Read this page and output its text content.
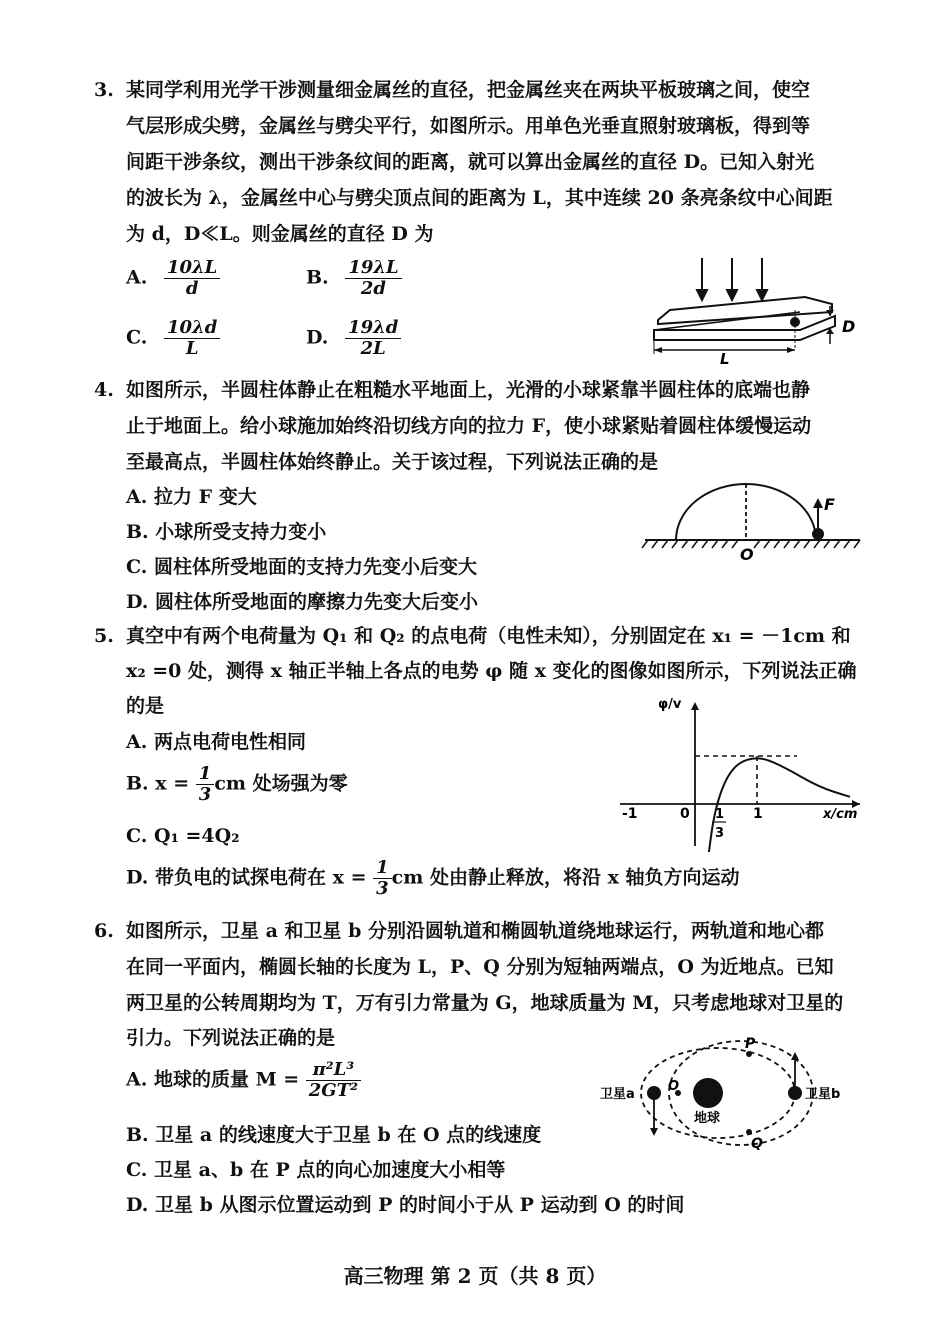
3. 某同学利用光学干涉测量细金属丝的直径，把金属丝夹在两块平板玻璃之间，使空
气层形成尖劈，金属丝与劈尖平行，如图所示。用单色光垂直照射玻璃板，得到等
间距干涉条纹，测出干涉条纹间的距离，就可以算出金属丝的直径 D。已知入射光
的波长为 λ，金属丝中心与劈尖顶点间的距离为 L，其中连续 20 条亮条纹中心间距
为 d，D≪L。则金属丝的直径 D 为
A. $\frac{10\lambda L}{d}$	B. $\frac{19\lambda L}{2d}$
C. $\frac{10\lambda d}{L}$	D. $\frac{19\lambda d}{2L}$	L
D
4. 如图所示，半圆柱体静止在粗糙水平地面上，光滑的小球紧靠半圆柱体的底端也静
止于地面上。给小球施加始终沿切线方向的拉力 F，使小球紧贴着圆柱体缓慢运动
至最高点，半圆柱体始终静止。关于该过程，下列说法正确的是
A. 拉力 F 变大
B. 小球所受支持力变小
C. 圆柱体所受地面的支持力先变小后变大
D. 圆柱体所受地面的摩擦力先变大后变小
F
O
5. 真空中有两个电荷量为 Q₁ 和 Q₂ 的点电荷（电性未知），分别固定在 x₁ = －1cm 和
x₂ =0 处，测得 x 轴正半轴上各点的电势 φ 随 x 变化的图像如图所示，下列说法正确
的是
A. 两点电荷电性相同
B. $x = \frac{1}{3}$ cm 处场强为零
C. Q₁ =4Q₂
D. 带负电的试探电荷在 $x = \frac{1}{3}$ cm 处由静止释放，将沿 x 轴负方向运动
φ/v
x/cm
-1	0 1
3
1
6. 如图所示，卫星 a 和卫星 b 分别沿圆轨道和椭圆轨道绕地球运行，两轨道和地心都
在同一平面内，椭圆长轴的长度为 L，P、Q 分别为短轴两端点，O 为近地点。已知
两卫星的公转周期均为 T，万有引力常量为 G，地球质量为 M，只考虑地球对卫星的
引力。下列说法正确的是
A. 地球的质量 $M = \frac{\text{π²L³}}{\text{2GT²}}$
B. 卫星 a 的线速度大于卫星 b 在 O 点的线速度
C. 卫星 a、b 在 P 点的向心加速度大小相等
D. 卫星 b 从图示位置运动到 P 的时间小于从 P 运动到 O 的时间
地球
卫星a	卫星b
P
Q
O
高三物理 第 2 页（共 8 页）
